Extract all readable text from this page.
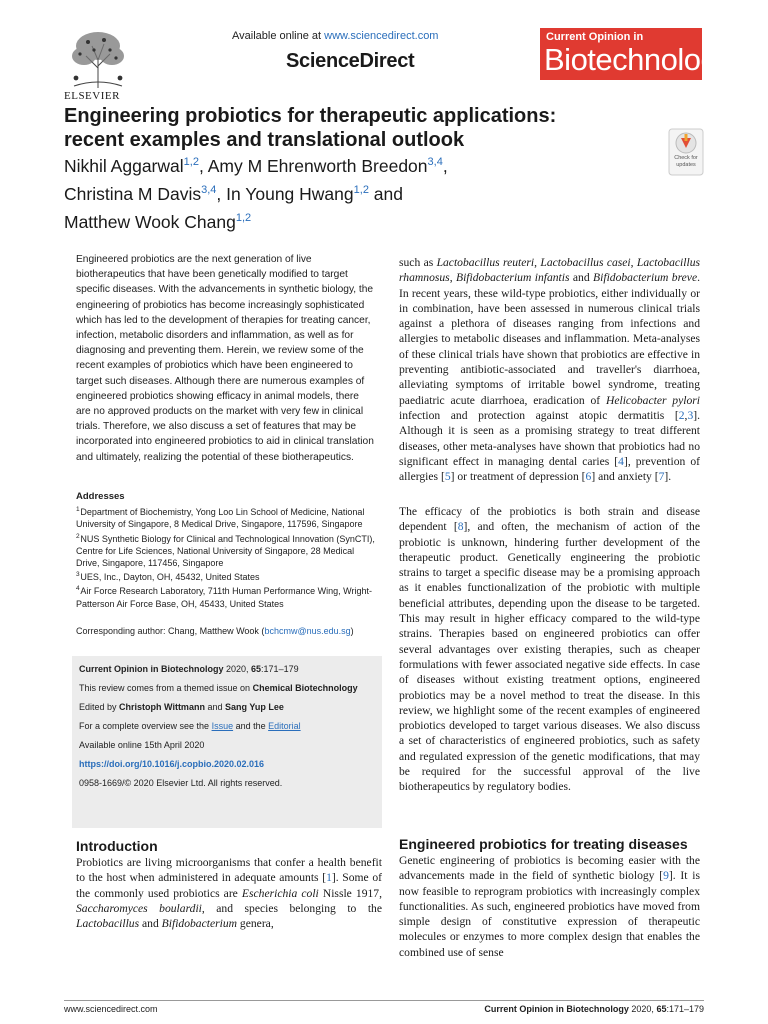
Available online at www.sciencedirect.com
ScienceDirect
ELSEVIER
Current Opinion in
Biotechnology
Engineering probiotics for therapeutic applications:
recent examples and translational outlook
Nikhil Aggarwal$^{1,2}$, Amy M Ehrenworth Breedon$^{3,4}$,
Christina M Davis$^{3,4}$, In Young Hwang$^{1,2}$ and
Matthew Wook Chang$^{1,2}$
Check for updates
Engineered probiotics are the next generation of live biotherapeutics that have been genetically modified to target specific diseases. With the advancements in synthetic biology, the engineering of probiotics has become increasingly sophisticated which has led to the development of therapies for treating cancer, infection, metabolic disorders and inflammation, as well as for diagnosing and preventing them. Herein, we review some of the recent examples of probiotics which have been engineered to target such diseases. Although there are numerous examples of engineered probiotics showing efficacy in animal models, there are no approved products on the market with very few in clinical trials. Therefore, we also discuss a set of features that may be incorporated into engineered probiotics to aid in clinical translation and ultimately, realizing the potential of these biotherapeutics.
Addresses
$^1$ Department of Biochemistry, Yong Loo Lin School of Medicine, National University of Singapore, 8 Medical Drive, Singapore, 117596, Singapore
$^2$ NUS Synthetic Biology for Clinical and Technological Innovation (SynCTI), Centre for Life Sciences, National University of Singapore, 28 Medical Drive, Singapore, 117456, Singapore
$^3$ UES, Inc., Dayton, OH, 45432, United States
$^4$ Air Force Research Laboratory, 711th Human Performance Wing, Wright-Patterson Air Force Base, OH, 45433, United States
Corresponding author: Chang, Matthew Wook (bchcmw@nus.edu.sg)
Current Opinion in Biotechnology 2020, 65:171–179
This review comes from a themed issue on Chemical Biotechnology
Edited by Christoph Wittmann and Sang Yup Lee
For a complete overview see the Issue and the Editorial
Available online 15th April 2020
https://doi.org/10.1016/j.copbio.2020.02.016
0958-1669/© 2020 Elsevier Ltd. All rights reserved.
Introduction
Probiotics are living microorganisms that confer a health benefit to the host when administered in adequate amounts [1]. Some of the commonly used probiotics are Escherichia coli Nissle 1917, Saccharomyces boulardii, and species belonging to the Lactobacillus and Bifidobacterium genera,
such as Lactobacillus reuteri, Lactobacillus casei, Lactobacillus rhamnosus, Bifidobacterium infantis and Bifidobacterium breve. In recent years, these wild-type probiotics, either individually or in combination, have been assessed in numerous clinical trials against a plethora of diseases ranging from infections and allergies to metabolic diseases and inflammation. Meta-analyses of these clinical trials have shown that probiotics are effective in preventing antibiotic-associated and traveller's diarrhoea, alleviating symptoms of irritable bowel syndrome, treating paediatric acute diarrhoea, eradication of Helicobacter pylori infection and protection against atopic dermatitis [2,3]. Although it is seen as a promising strategy to treat different diseases, other meta-analyses have shown that probiotics had no significant effect in managing dental caries [4], prevention of allergies [5] or treatment of depression [6] and anxiety [7].
The efficacy of the probiotics is both strain and disease dependent [8], and often, the mechanism of action of the probiotic is unknown, hindering further development of the therapeutic product. Genetically engineering the probiotic strains to target a specific disease may be a promising approach as it enables functionalization of the probiotic with multiple beneficial attributes, depending upon the disease to be targeted. This may result in higher efficacy compared to the wild-type strains. Therapies based on engineered probiotics can offer several advantages over existing therapies, such as cheaper formulations with fewer associated negative side effects. In case of diseases without existing treatment options, engineered probiotics may be a novel method to treat the disease. In this review, we highlight some of the recent examples of engineered probiotics developed to target various diseases. We also discuss a set of characteristics of engineered probiotics, such as safety and regulated expression of the genetic modifications, that may be required for the successful approval of the live biotherapeutics by regulatory bodies.
Engineered probiotics for treating diseases
Genetic engineering of probiotics is becoming easier with the advancements made in the field of synthetic biology [9]. It is now feasible to reprogram probiotics with increasingly complex functionalities. As such, engineered probiotics have moved from simple design of constitutive expression of therapeutic molecules or enzymes to more complex design that enables the combined use of sense
www.sciencedirect.com	Current Opinion in Biotechnology 2020, 65:171–179
